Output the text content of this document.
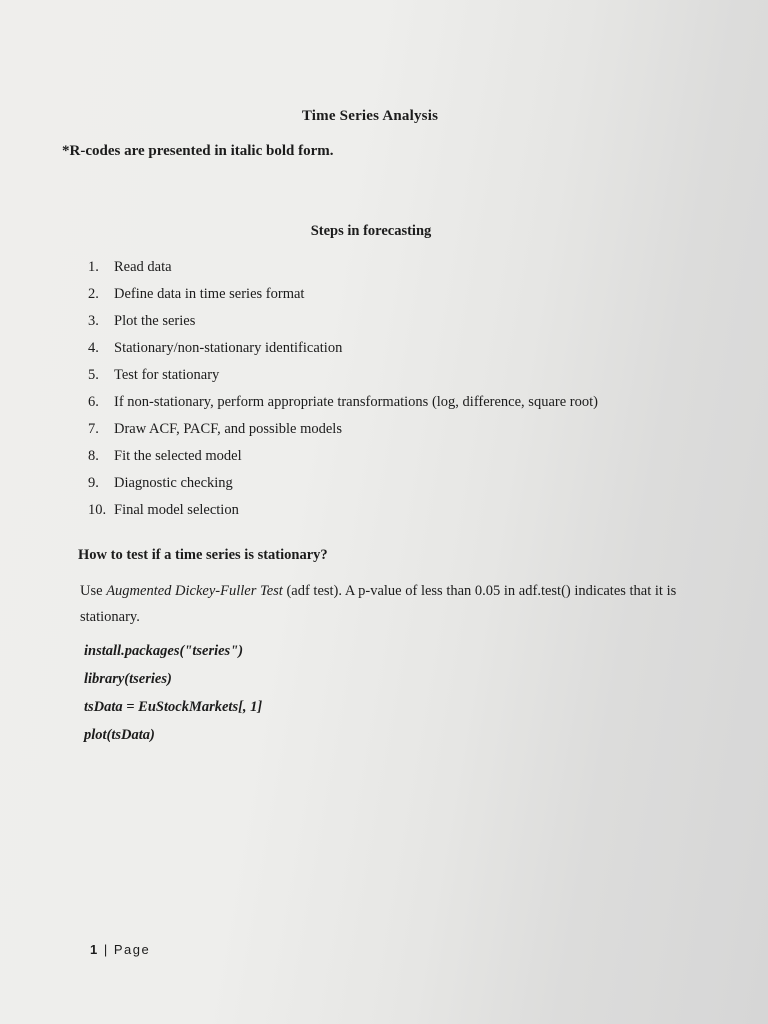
Time Series Analysis
*R-codes are presented in italic bold form.
Steps in forecasting
1. Read data
2. Define data in time series format
3. Plot the series
4. Stationary/non-stationary identification
5. Test for stationary
6. If non-stationary, perform appropriate transformations (log, difference, square root)
7. Draw ACF, PACF, and possible models
8. Fit the selected model
9. Diagnostic checking
10. Final model selection
How to test if a time series is stationary?
Use Augmented Dickey-Fuller Test (adf test). A p-value of less than 0.05 in adf.test() indicates that it is stationary.
install.packages("tseries")
library(tseries)
tsData = EuStockMarkets[, 1]
plot(tsData)
1 | Page
